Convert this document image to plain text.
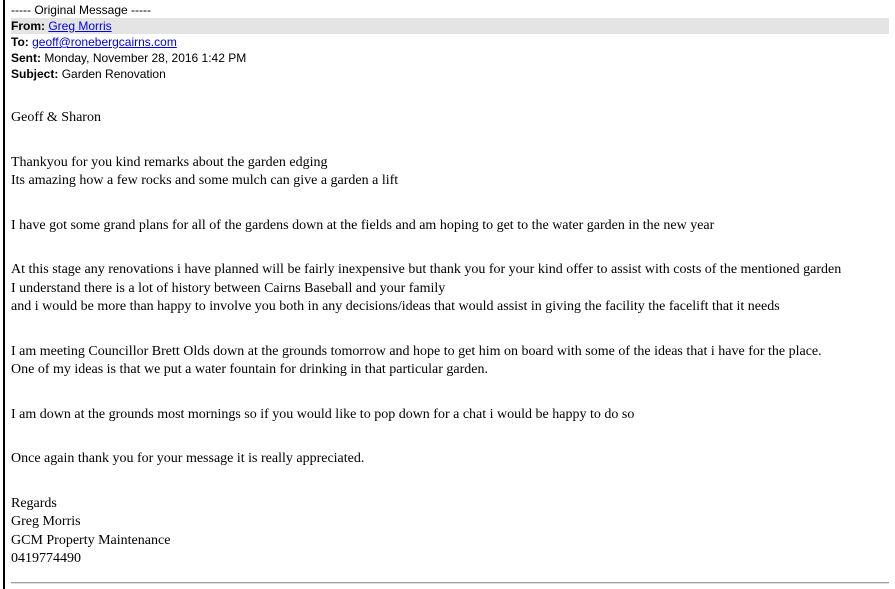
----- Original Message -----
From: Greg Morris
To: geoff@ronebergcairns.com
Sent: Monday, November 28, 2016 1:42 PM
Subject: Garden Renovation
Geoff & Sharon
Thankyou for you kind remarks about the garden edging
Its amazing how a few rocks and some mulch can give a garden a lift
I have got some grand plans for all of the gardens down at the fields and am hoping to get to the water garden in the new year
At this stage any renovations i have planned will be fairly inexpensive but thank you for your kind offer to assist with costs of the mentioned garden
I understand there is a lot of history between Cairns Baseball and your family
and i would be more than happy to involve you both in any decisions/ideas that would assist in giving the facility the facelift that it needs
I am meeting Councillor Brett Olds down at the grounds tomorrow and hope to get him on board with some of the ideas that i have for the place.
One of my ideas is that we put a water fountain for drinking in that particular garden.
I am down at the grounds most mornings so if you would like to pop down for a chat i would be happy to do so
Once again thank you for your message it is really appreciated.
Regards
Greg Morris
GCM Property Maintenance
0419774490
